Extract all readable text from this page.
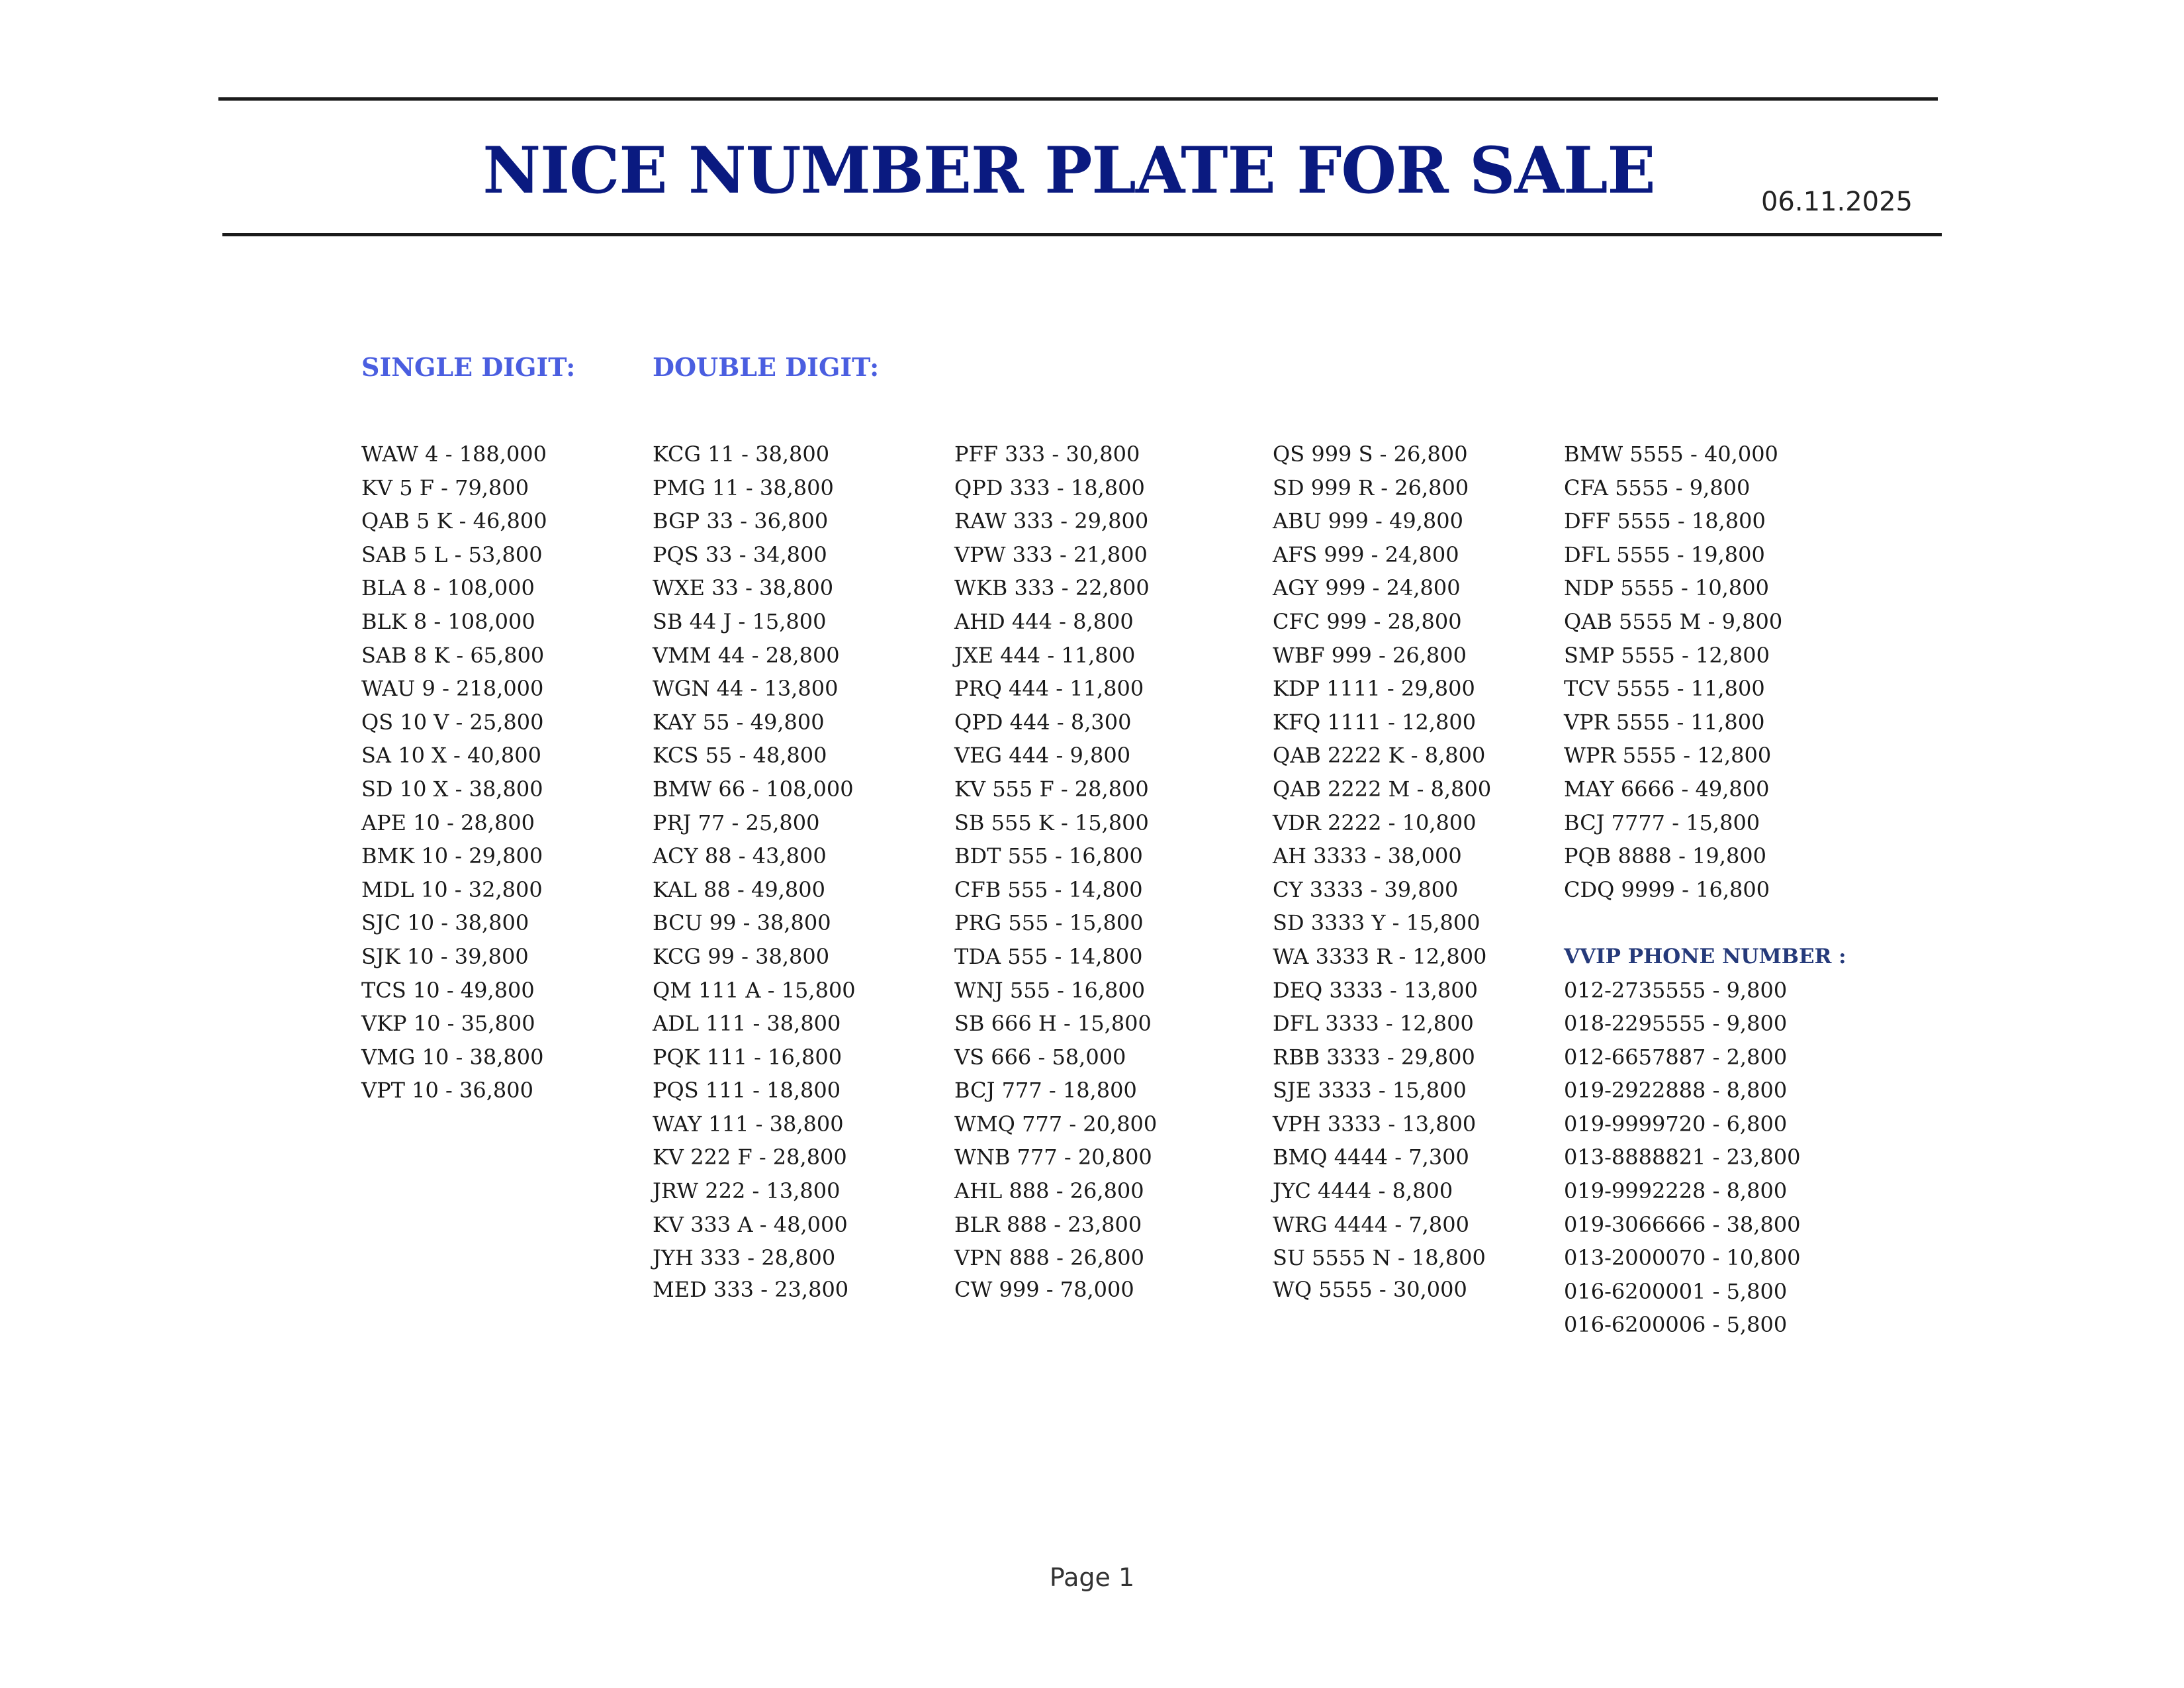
NICE NUMBER PLATE FOR SALE	06.11.2025
SINGLE DIGIT:	DOUBLE DIGIT:
WAW 4 - 188,000
KV 5 F - 79,800
QAB 5 K - 46,800
SAB 5 L - 53,800
BLA 8 - 108,000
BLK 8 - 108,000
SAB 8 K - 65,800
WAU 9 - 218,000
QS 10 V - 25,800
SA 10 X - 40,800
SD 10 X - 38,800
APE 10 - 28,800
BMK 10 - 29,800
MDL 10 - 32,800
SJC 10 - 38,800
SJK 10 - 39,800
TCS 10 - 49,800
VKP 10 - 35,800
VMG 10 - 38,800
VPT 10 - 36,800
KCG 11 - 38,800
PMG 11 - 38,800
BGP 33 - 36,800
PQS 33 - 34,800
WXE 33 - 38,800
SB 44 J - 15,800
VMM 44 - 28,800
WGN 44 - 13,800
KAY 55 - 49,800
KCS 55 - 48,800
BMW 66 - 108,000
PRJ 77 - 25,800
ACY 88 - 43,800
KAL 88 - 49,800
BCU 99 - 38,800
KCG 99 - 38,800
QM 111 A - 15,800
ADL 111 - 38,800
PQK 111 - 16,800
PQS 111 - 18,800
WAY 111 - 38,800
KV 222 F - 28,800
JRW 222 - 13,800
KV 333 A - 48,000
JYH 333 - 28,800
MED 333 - 23,800
PFF 333 - 30,800
QPD 333 - 18,800
RAW 333 - 29,800
VPW 333 - 21,800
WKB 333 - 22,800
AHD 444 - 8,800
JXE 444 - 11,800
PRQ 444 - 11,800
QPD 444 - 8,300
VEG 444 - 9,800
KV 555 F - 28,800
SB 555 K - 15,800
BDT 555 - 16,800
CFB 555 - 14,800
PRG 555 - 15,800
TDA 555 - 14,800
WNJ 555 - 16,800
SB 666 H - 15,800
VS 666 - 58,000
BCJ 777 - 18,800
WMQ 777 - 20,800
WNB 777 - 20,800
AHL 888 - 26,800
BLR 888 - 23,800
VPN 888 - 26,800
CW 999 - 78,000
QS 999 S - 26,800
SD 999 R - 26,800
ABU 999 - 49,800
AFS 999 - 24,800
AGY 999 - 24,800
CFC 999 - 28,800
WBF 999 - 26,800
KDP 1111 - 29,800
KFQ 1111 - 12,800
QAB 2222 K - 8,800
QAB 2222 M - 8,800
VDR 2222 - 10,800
AH 3333 - 38,000
CY 3333 - 39,800
SD 3333 Y - 15,800
WA 3333 R - 12,800
DEQ 3333 - 13,800
DFL 3333 - 12,800
RBB 3333 - 29,800
SJE 3333 - 15,800
VPH 3333 - 13,800
BMQ 4444 - 7,300
JYC 4444 - 8,800
WRG 4444 - 7,800
SU 5555 N - 18,800
WQ 5555 - 30,000
BMW 5555 - 40,000
CFA 5555 - 9,800
DFF 5555 - 18,800
DFL 5555 - 19,800
NDP 5555 - 10,800
QAB 5555 M - 9,800
SMP 5555 - 12,800
TCV 5555 - 11,800
VPR 5555 - 11,800
WPR 5555 - 12,800
MAY 6666 - 49,800
BCJ 7777 - 15,800
PQB 8888 - 19,800
CDQ 9999 - 16,800
VVIP PHONE NUMBER :
012-2735555 - 9,800
018-2295555 - 9,800
012-6657887 - 2,800
019-2922888 - 8,800
019-9999720 - 6,800
013-8888821 - 23,800
019-9992228 - 8,800
019-3066666 - 38,800
013-2000070 - 10,800
016-6200001 - 5,800
016-6200006 - 5,800
Page 1
